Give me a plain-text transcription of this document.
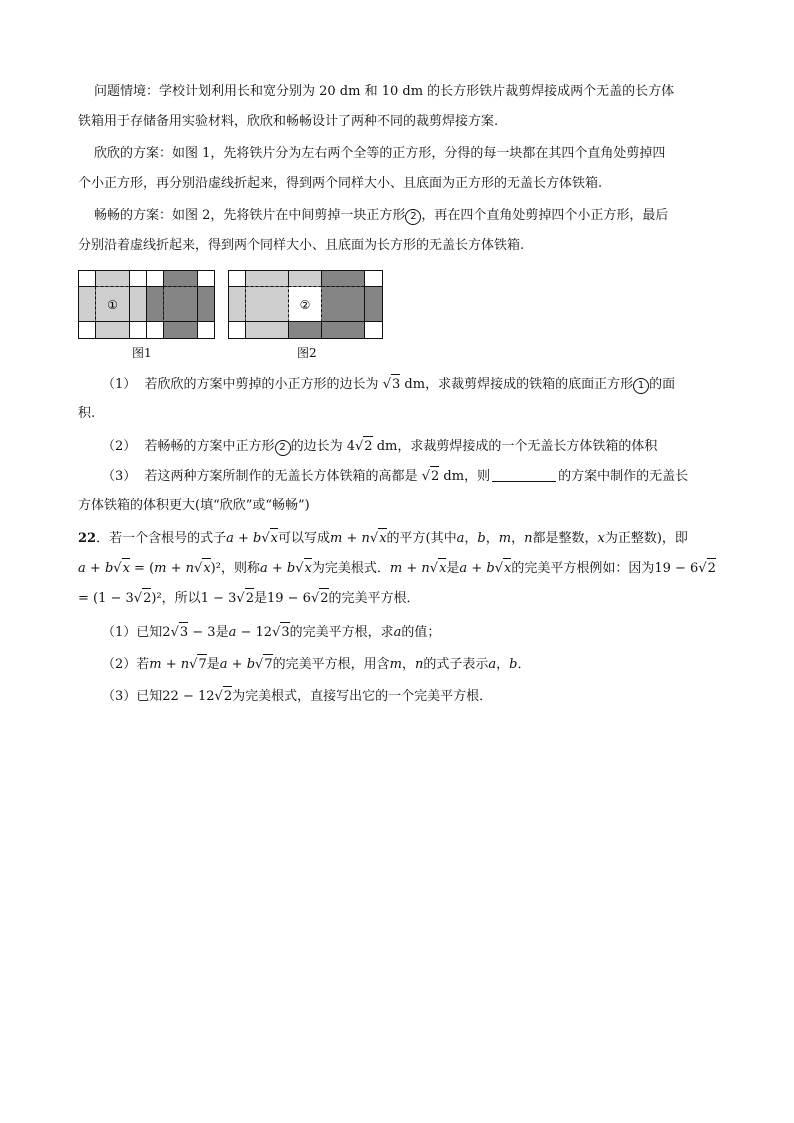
问题情境：学校计划利用长和宽分别为 20 dm 和 10 dm 的长方形铁片裁剪焊接成两个无盖的长方体
铁箱用于存储备用实验材料，欣欣和畅畅设计了两种不同的裁剪焊接方案.
欣欣的方案：如图 1，先将铁片分为左右两个全等的正方形，分得的每一块都在其四个直角处剪掉四
个小正方形，再分别沿虚线折起来，得到两个同样大小、且底面为正方形的无盖长方体铁箱.
畅畅的方案：如图 2，先将铁片在中间剪掉一块正方形 2 ，再在四个直角处剪掉四个小正方形，最后
分别沿着虚线折起来，得到两个同样大小、且底面为长方形的无盖长方体铁箱.
①
图1
②
图2
（1） 若欣欣的方案中剪掉的小正方形的边长为 √3 dm，求裁剪焊接成的铁箱的底面正方形 1 的面
积.
（2） 若畅畅的方案中正方形 2 的边长为 4√2 dm，求裁剪焊接成的一个无盖长方体铁箱的体积
（3） 若这两种方案所制作的无盖长方体铁箱的高都是 √2 dm，则	的方案中制作的无盖长
方体铁箱的体积更大(填“欣欣”或“畅畅”)
22．若一个含根号的式子a + b√x可以写成m + n√x的平方(其中a，b，m，n都是整数，x为正整数)，即
a + b√x = (m + n√x)²，则称a + b√x为完美根式．m + n√x是a + b√x的完美平方根例如：因为19 − 6√2
= (1 − 3√2)²，所以1 − 3√2是19 − 6√2的完美平方根．
（1）已知2√3 − 3是a − 12√3的完美平方根，求a的值；
（2）若m + n√7是a + b√7的完美平方根，用含m，n的式子表示a，b．
（3）已知22 − 12√2为完美根式，直接写出它的一个完美平方根．
